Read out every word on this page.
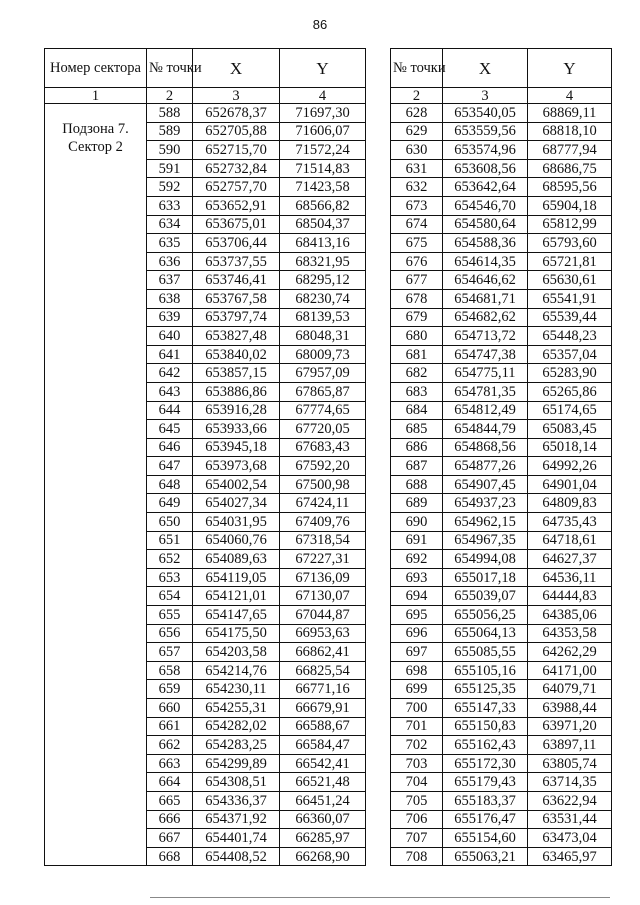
86
Номер сектора	№ точки	X	Y
1	2	3	4
Подзона 7. Сектор 2	588	652678,37	71697,30
	589	652705,88	71606,07
	590	652715,70	71572,24
	591	652732,84	71514,83
	592	652757,70	71423,58
	633	653652,91	68566,82
	634	653675,01	68504,37
	635	653706,44	68413,16
	636	653737,55	68321,95
	637	653746,41	68295,12
	638	653767,58	68230,74
	639	653797,74	68139,53
	640	653827,48	68048,31
	641	653840,02	68009,73
	642	653857,15	67957,09
	643	653886,86	67865,87
	644	653916,28	67774,65
	645	653933,66	67720,05
	646	653945,18	67683,43
	647	653973,68	67592,20
	648	654002,54	67500,98
	649	654027,34	67424,11
	650	654031,95	67409,76
	651	654060,76	67318,54
	652	654089,63	67227,31
	653	654119,05	67136,09
	654	654121,01	67130,07
	655	654147,65	67044,87
	656	654175,50	66953,63
	657	654203,58	66862,41
	658	654214,76	66825,54
	659	654230,11	66771,16
	660	654255,31	66679,91
	661	654282,02	66588,67
	662	654283,25	66584,47
	663	654299,89	66542,41
	664	654308,51	66521,48
	665	654336,37	66451,24
	666	654371,92	66360,07
	667	654401,74	66285,97
	668	654408,52	66268,90
№ точки	X	Y
2	3	4
628	653540,05	68869,11
629	653559,56	68818,10
630	653574,96	68777,94
631	653608,56	68686,75
632	653642,64	68595,56
673	654546,70	65904,18
674	654580,64	65812,99
675	654588,36	65793,60
676	654614,35	65721,81
677	654646,62	65630,61
678	654681,71	65541,91
679	654682,62	65539,44
680	654713,72	65448,23
681	654747,38	65357,04
682	654775,11	65283,90
683	654781,35	65265,86
684	654812,49	65174,65
685	654844,79	65083,45
686	654868,56	65018,14
687	654877,26	64992,26
688	654907,45	64901,04
689	654937,23	64809,83
690	654962,15	64735,43
691	654967,35	64718,61
692	654994,08	64627,37
693	655017,18	64536,11
694	655039,07	64444,83
695	655056,25	64385,06
696	655064,13	64353,58
697	655085,55	64262,29
698	655105,16	64171,00
699	655125,35	64079,71
700	655147,33	63988,44
701	655150,83	63971,20
702	655162,43	63897,11
703	655172,30	63805,74
704	655179,43	63714,35
705	655183,37	63622,94
706	655176,47	63531,44
707	655154,60	63473,04
708	655063,21	63465,97
